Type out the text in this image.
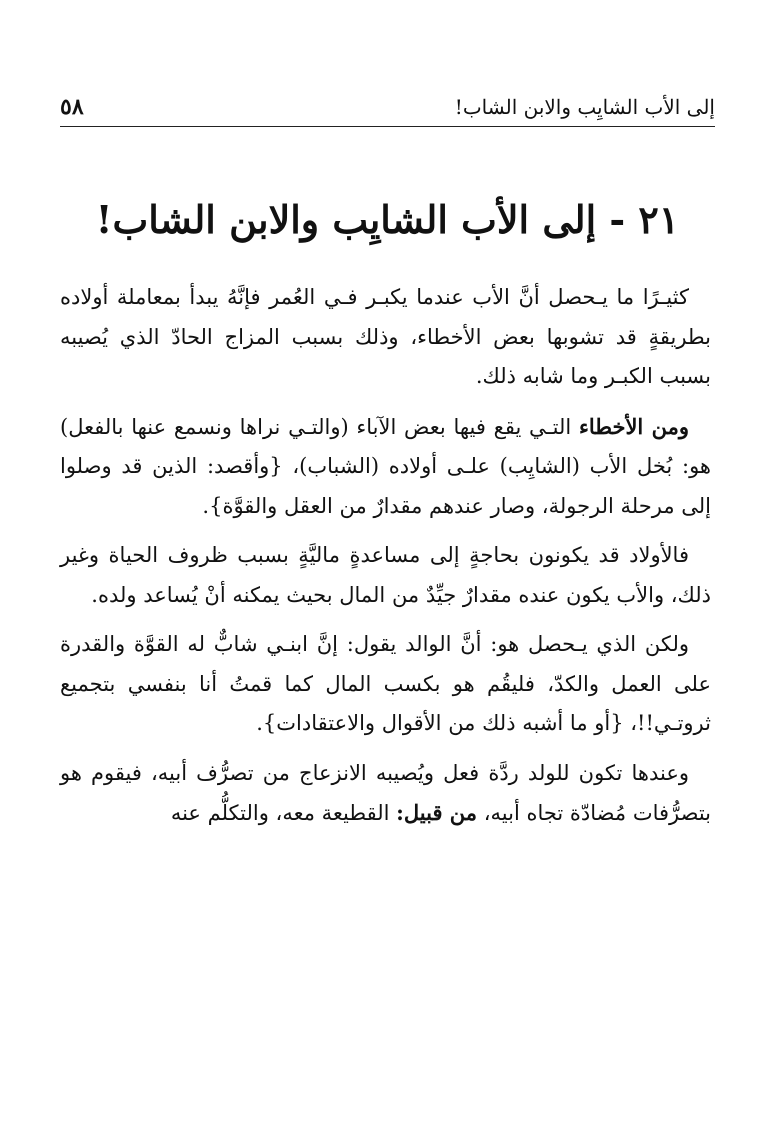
إلى الأب الشايِب والابن الشاب!
٥٨
٢١ - إلى الأب الشايِب والابن الشاب!

كثيـرًا ما يـحصل أنَّ الأب عندما يكبـر فـي العُمر فإنَّهُ يبدأ بمعاملة أولاده بطريقةٍ قد تشوبها بعض الأخطاء، وذلك بسبب المزاج الحادّ الذي يُصيبه بسبب الكبـر وما شابه ذلك.

ومن الأخطاء التـي يقع فيها بعض الآباء (والتـي نراها ونسمع عنها بالفعل) هو: بُخل الأب (الشايِب) علـى أولاده (الشباب)، {وأقصد: الذين قد وصلوا إلى مرحلة الرجولة، وصار عندهم مقدارٌ من العقل والقوَّة}.

فالأولاد قد يكونون بحاجةٍ إلى مساعدةٍ ماليَّةٍ بسبب ظروف الحياة وغير ذلك، والأب يكون عنده مقدارٌ جيِّدٌ من المال بحيث يمكنه أنْ يُساعد ولده.

ولكن الذي يـحصل هو: أنَّ الوالد يقول: إنَّ ابنـي شابٌّ له القوَّة والقدرة على العمل والكدّ، فليقُم هو بكسب المال كما قمتُ أنا بنفسي بتجميع ثروتـي!!، {أو ما أشبه ذلك من الأقوال والاعتقادات}.

وعندها تكون للولد ردَّة فعل ويُصيبه الانزعاج من تصرُّف أبيه، فيقوم هو بتصرُّفات مُضادّة تجاه أبيه، من قبيل: القطيعة معه، والتكلُّم عنه
